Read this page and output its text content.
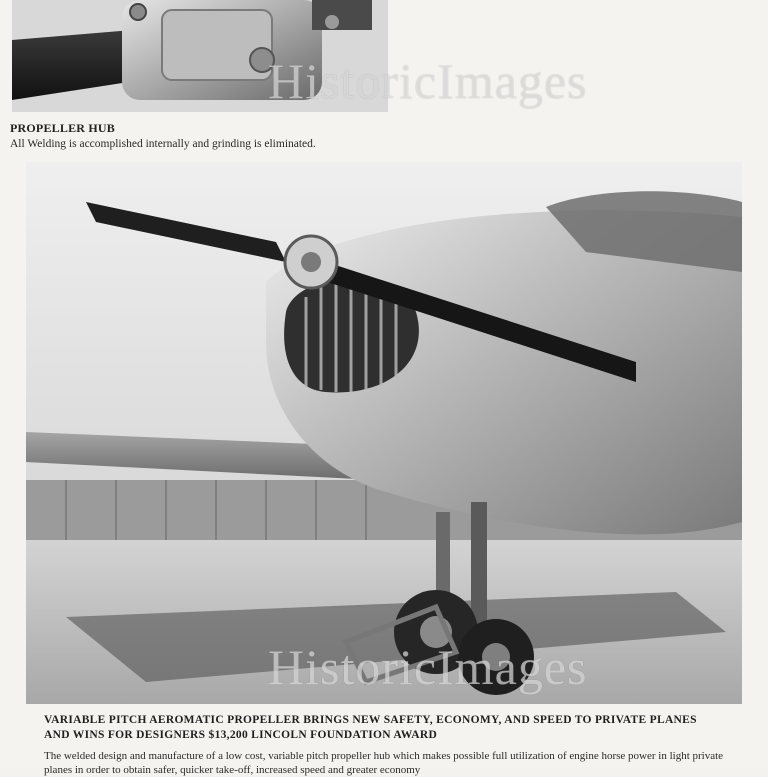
PROPELLER HUB

All Welding is accomplished internally and grinding is eliminated.

HistoricImages
HistoricImages

VARIABLE PITCH AEROMATIC PROPELLER BRINGS NEW SAFETY, ECONOMY, AND SPEED TO PRIVATE PLANES AND WINS FOR DESIGNERS $13,200 LINCOLN FOUNDATION AWARD

The welded design and manufacture of a low cost, variable pitch propeller hub which makes possible full utilization of engine horse power in light private planes in order to obtain safer, quicker take-off, increased speed and greater economy
